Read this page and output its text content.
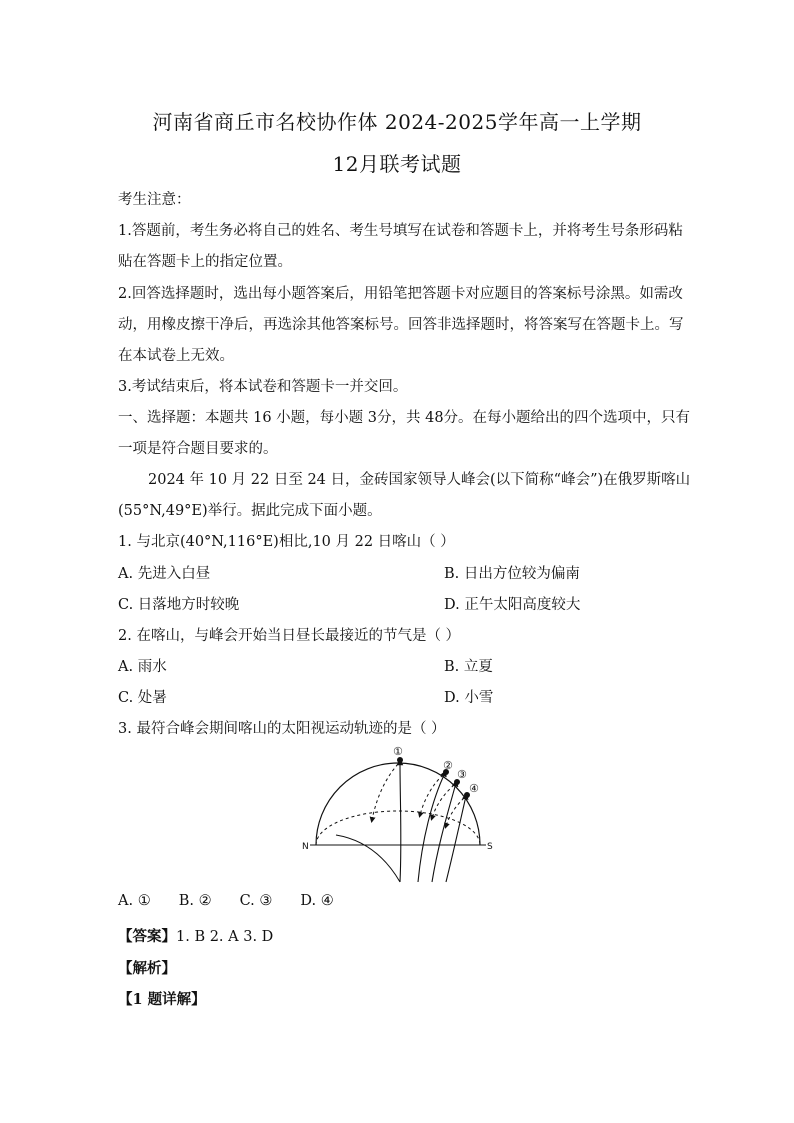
河南省商丘市名校协作体 2024-2025学年高一上学期
12月联考试题
考生注意：
1.答题前，考生务必将自己的姓名、考生号填写在试卷和答题卡上，并将考生号条形码粘
贴在答题卡上的指定位置。
2.回答选择题时，选出每小题答案后，用铅笔把答题卡对应题目的答案标号涂黑。如需改
动，用橡皮擦干净后，再选涂其他答案标号。回答非选择题时，将答案写在答题卡上。写
在本试卷上无效。
3.考试结束后，将本试卷和答题卡一并交回。
一、选择题：本题共 16 小题，每小题 3分，共 48分。在每小题给出的四个选项中，只有
一项是符合题目要求的。
2024 年 10 月 22 日至 24 日，金砖国家领导人峰会(以下简称“峰会”)在俄罗斯喀山
(55°N,49°E)举行。据此完成下面小题。
1. 与北京(40°N,116°E)相比,10 月 22 日喀山（ ）
A. 先进入白昼	B. 日出方位较为偏南
C. 日落地方时较晚	D. 正午太阳高度较大
2. 在喀山，与峰会开始当日昼长最接近的节气是（ ）
A. 雨水	B. 立夏
C. 处暑	D. 小雪
3. 最符合峰会期间喀山的太阳视运动轨迹的是（ ）
N	S
①
②
③
④
A. ① B. ② C. ③ D. ④
【答案】1. B 2. A 3. D
【解析】
【1 题详解】
